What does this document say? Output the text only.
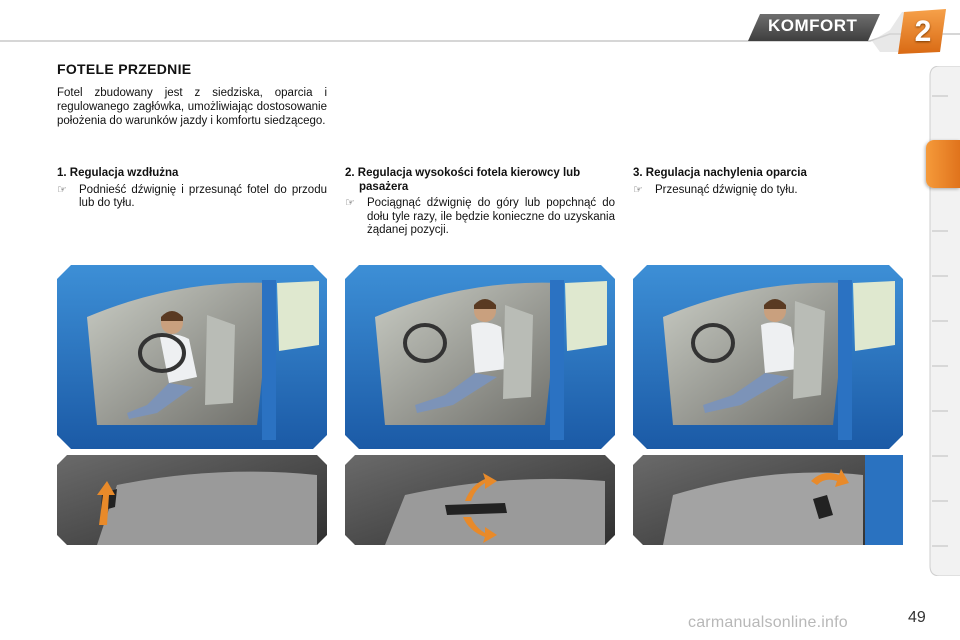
KOMFORT	2
FOTELE PRZEDNIE
Fotel zbudowany jest z siedziska, oparcia i regulowanego zagłówka, umożliwiając dostosowanie położenia do warunków jazdy i komfortu siedzącego.
1. Regulacja wzdłużna
☞	Podnieść dźwignię i przesunąć fotel do przodu lub do tyłu.
2. Regulacja wysokości fotela kierowcy lub pasażera
☞	Pociągnąć dźwignię do góry lub popchnąć do dołu tyle razy, ile będzie konieczne do uzyskania żądanej pozycji.
3. Regulacja nachylenia oparcia
☞	Przesunąć dźwignię do tyłu.
carmanualsonline.info	49
